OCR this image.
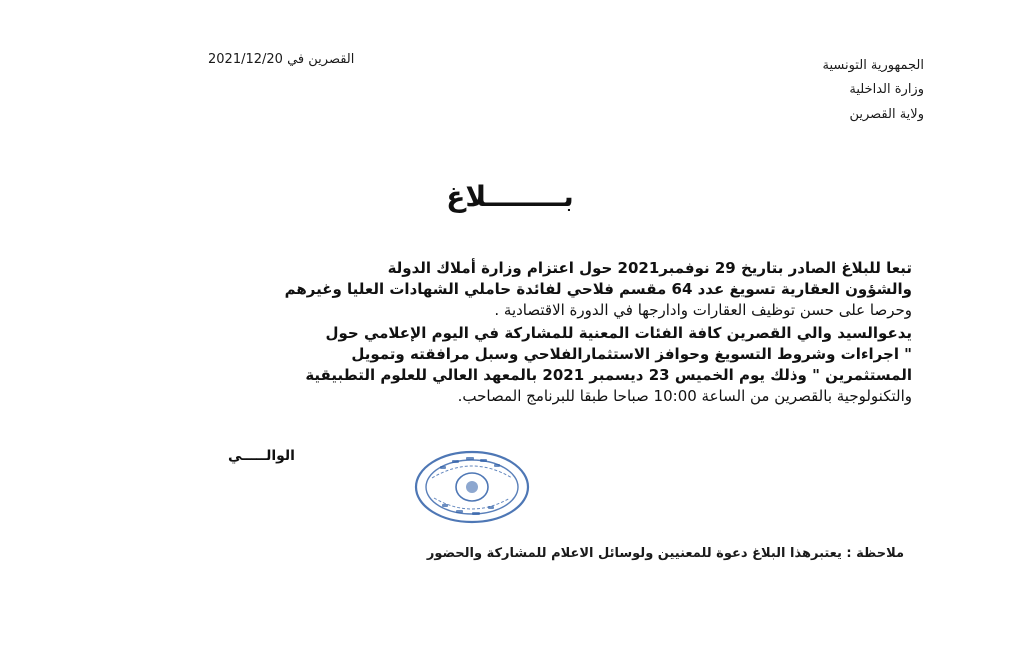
الجمهورية التونسية
وزارة الداخلية
ولاية القصرين
القصرين في 2021/12/20
بــــــــلاغ
تبعا للبلاغ الصادر بتاريخ 29 نوفمبر2021 حول اعتزام وزارة أملاك الدولة
والشؤون العقارية تسويغ عدد 64 مقسم فلاحي لفائدة حاملي الشهادات العليا وغيرهم
وحرصا على حسن توظيف العقارات وادارجها في الدورة الاقتصادية .
يدعوالسيد والي القصرين كافة الفئات المعنية للمشاركة في اليوم الإعلامي حول
" اجراءات وشروط التسويغ وحوافز الاستثمارالفلاحي وسبل مرافقته وتمويل
المستثمرين " وذلك يوم الخميس 23 ديسمبر 2021 بالمعهد العالي للعلوم التطبيقية
والتكنولوجية بالقصرين من الساعة 10:00 صباحا طبقا للبرنامج المصاحب.
الوالـــــي
ملاحظة : يعتبرهذا البلاغ دعوة للمعنيين ولوسائل الاعلام للمشاركة والحضور
